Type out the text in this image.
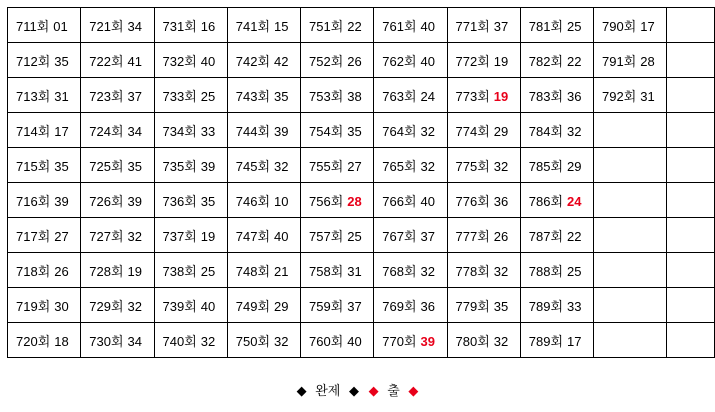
711회 01	721회 34	731회 16	741회 15	751회 22	761회 40	771회 37	781회 25	790회 17	
712회 35	722회 41	732회 40	742회 42	752회 26	762회 40	772회 19	782회 22	791회 28	
713회 31	723회 37	733회 25	743회 35	753회 38	763회 24	773회 19	783회 36	792회 31	
714회 17	724회 34	734회 33	744회 39	754회 35	764회 32	774회 29	784회 32		
715회 35	725회 35	735회 39	745회 32	755회 27	765회 32	775회 32	785회 29		
716회 39	726회 39	736회 35	746회 10	756회 28	766회 40	776회 36	786회 24		
717회 27	727회 32	737회 19	747회 40	757회 25	767회 37	777회 26	787회 22		
718회 26	728회 19	738회 25	748회 21	758회 31	768회 32	778회 32	788회 25		
719회 30	729회 32	739회 40	749회 29	759회 37	769회 36	779회 35	789회 33		
720회 18	730회 34	740회 32	750회 32	760회 40	770회 39	780회 32	789회 17		
◆ 완제 ◆ ◆ 출 ◆
